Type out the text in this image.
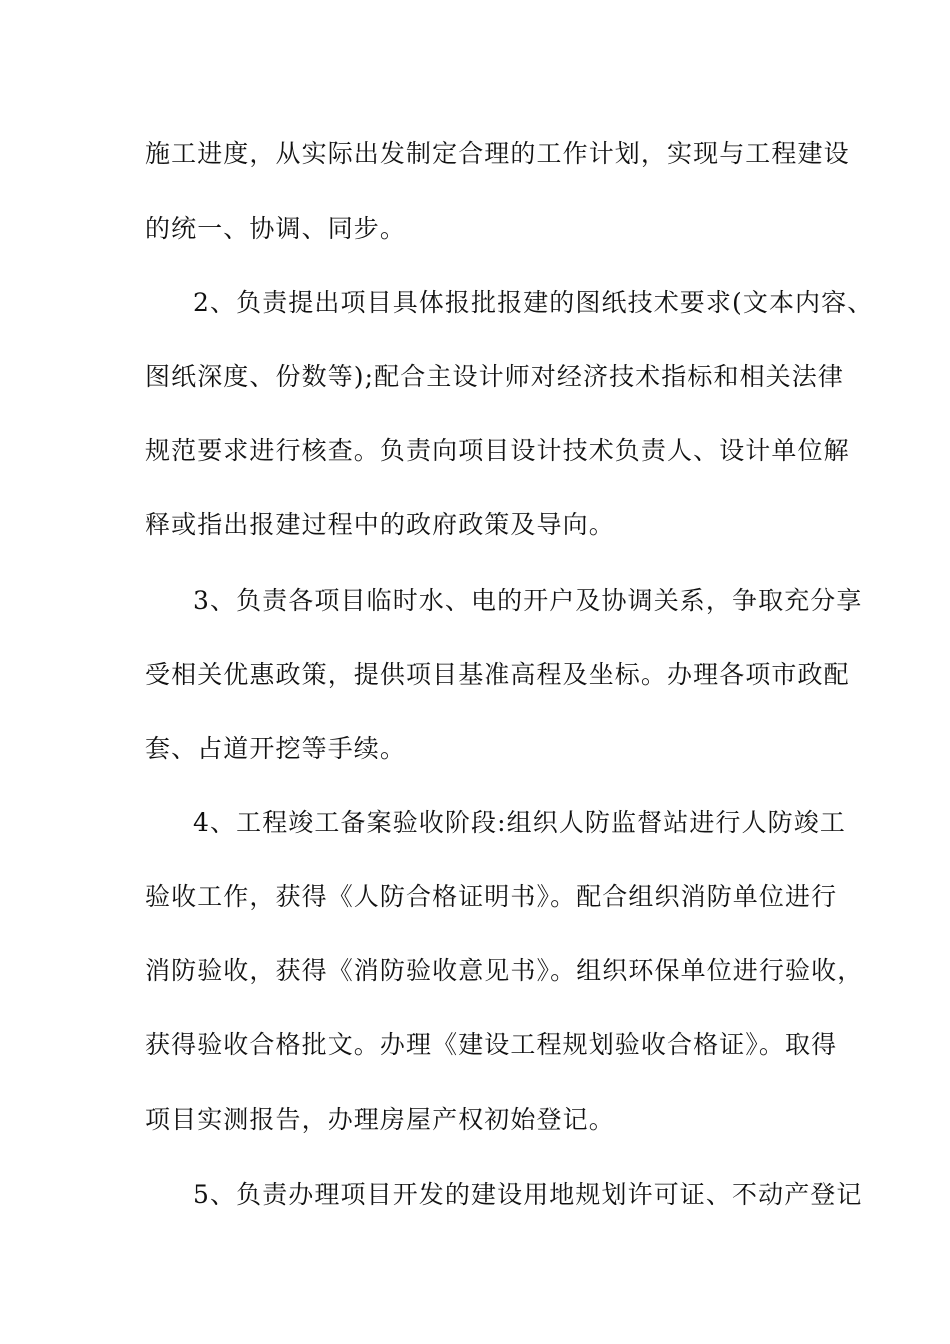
施工进度，从实际出发制定合理的工作计划，实现与工程建设
的统一、协调、同步。
2、负责提出项目具体报批报建的图纸技术要求(文本内容、
图纸深度、份数等);配合主设计师对经济技术指标和相关法律
规范要求进行核查。负责向项目设计技术负责人、设计单位解
释或指出报建过程中的政府政策及导向。
3、负责各项目临时水、电的开户及协调关系，争取充分享
受相关优惠政策，提供项目基准高程及坐标。办理各项市政配
套、占道开挖等手续。
4、工程竣工备案验收阶段:组织人防监督站进行人防竣工
验收工作，获得《人防合格证明书》。配合组织消防单位进行
消防验收，获得《消防验收意见书》。组织环保单位进行验收，
获得验收合格批文。办理《建设工程规划验收合格证》。取得
项目实测报告，办理房屋产权初始登记。
5、负责办理项目开发的建设用地规划许可证、不动产登记
